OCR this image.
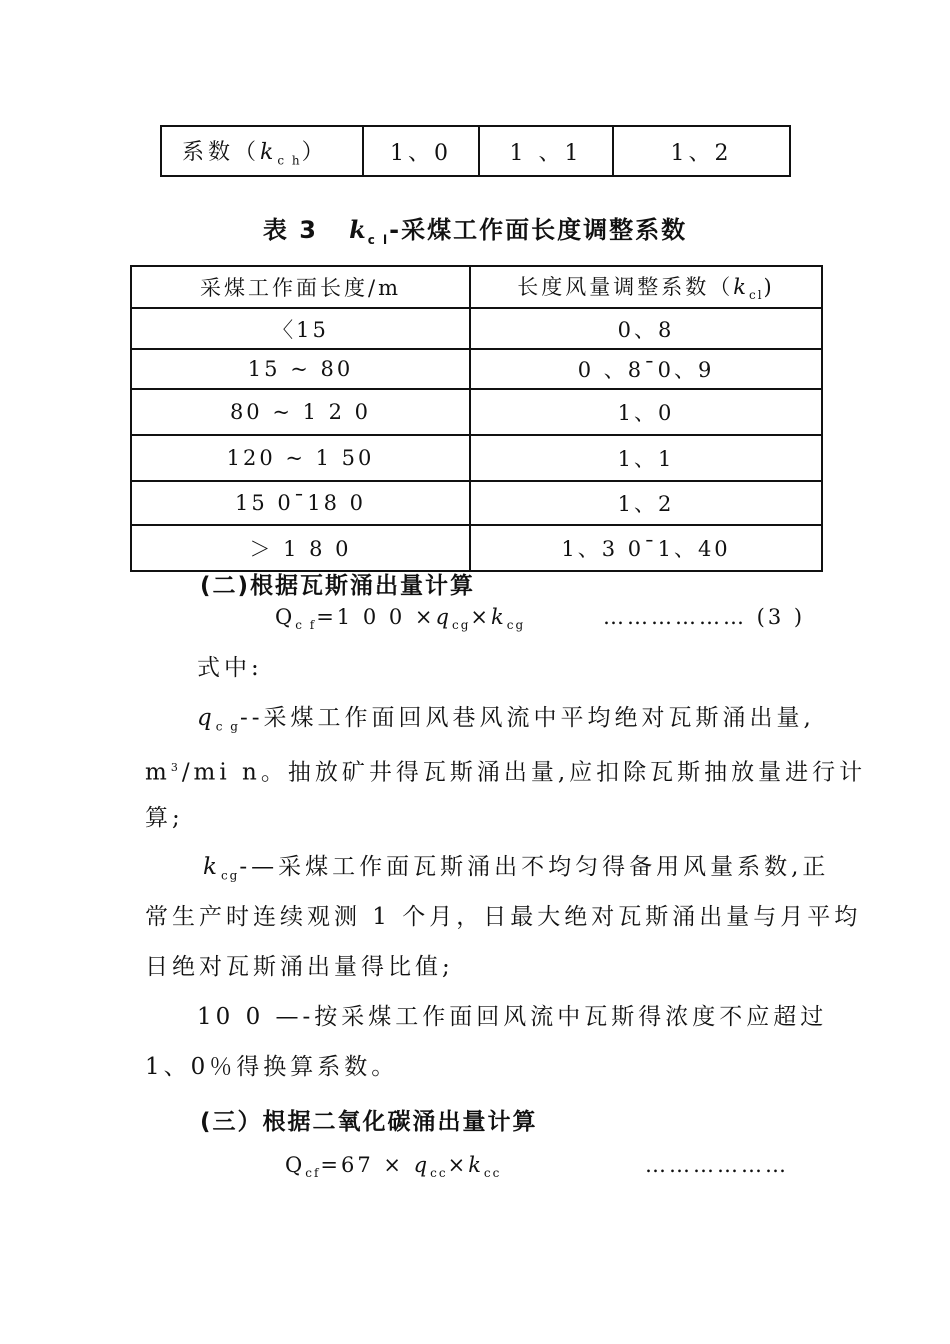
系数$(k_{c h})$	1、0	1 、1	1、2
表 3 $k_{c l}-$采煤工作面长度调整系数
采煤工作面长度/m	长度风量调整系数$(k_{cl})$
〈15	0、8
15 ~ 80	0 、8¯0、9
80 ~ 1 2 0	1、0
120 ~ 1 50	1、1
15 0¯18 0	1、2
＞ 1 8 0	1、3 0¯1、40
(二)根据瓦斯涌出量计算
$Q_{c f}=1$ 0 $0 \times q_{cg}\times k_{cg}$	……………… (3 )
式中:
$q_{c g}--$采煤工作面回风巷风流中平均绝对瓦斯涌出量,
$m^3/mi$ n。抽放矿井得瓦斯涌出量,应扣除瓦斯抽放量进行计
算;
$k_{cg}-—$采煤工作面瓦斯涌出不均匀得备用风量系数,正
常生产时连续观测 1 个月，日最大绝对瓦斯涌出量与月平均
日绝对瓦斯涌出量得比值;
10 0 —-按采煤工作面回风流中瓦斯得浓度不应超过
1、0％得换算系数。
(三）根据二氧化碳涌出量计算
$Q_{cf}=67 \times q_{cc}\times k_{cc}$	………………
